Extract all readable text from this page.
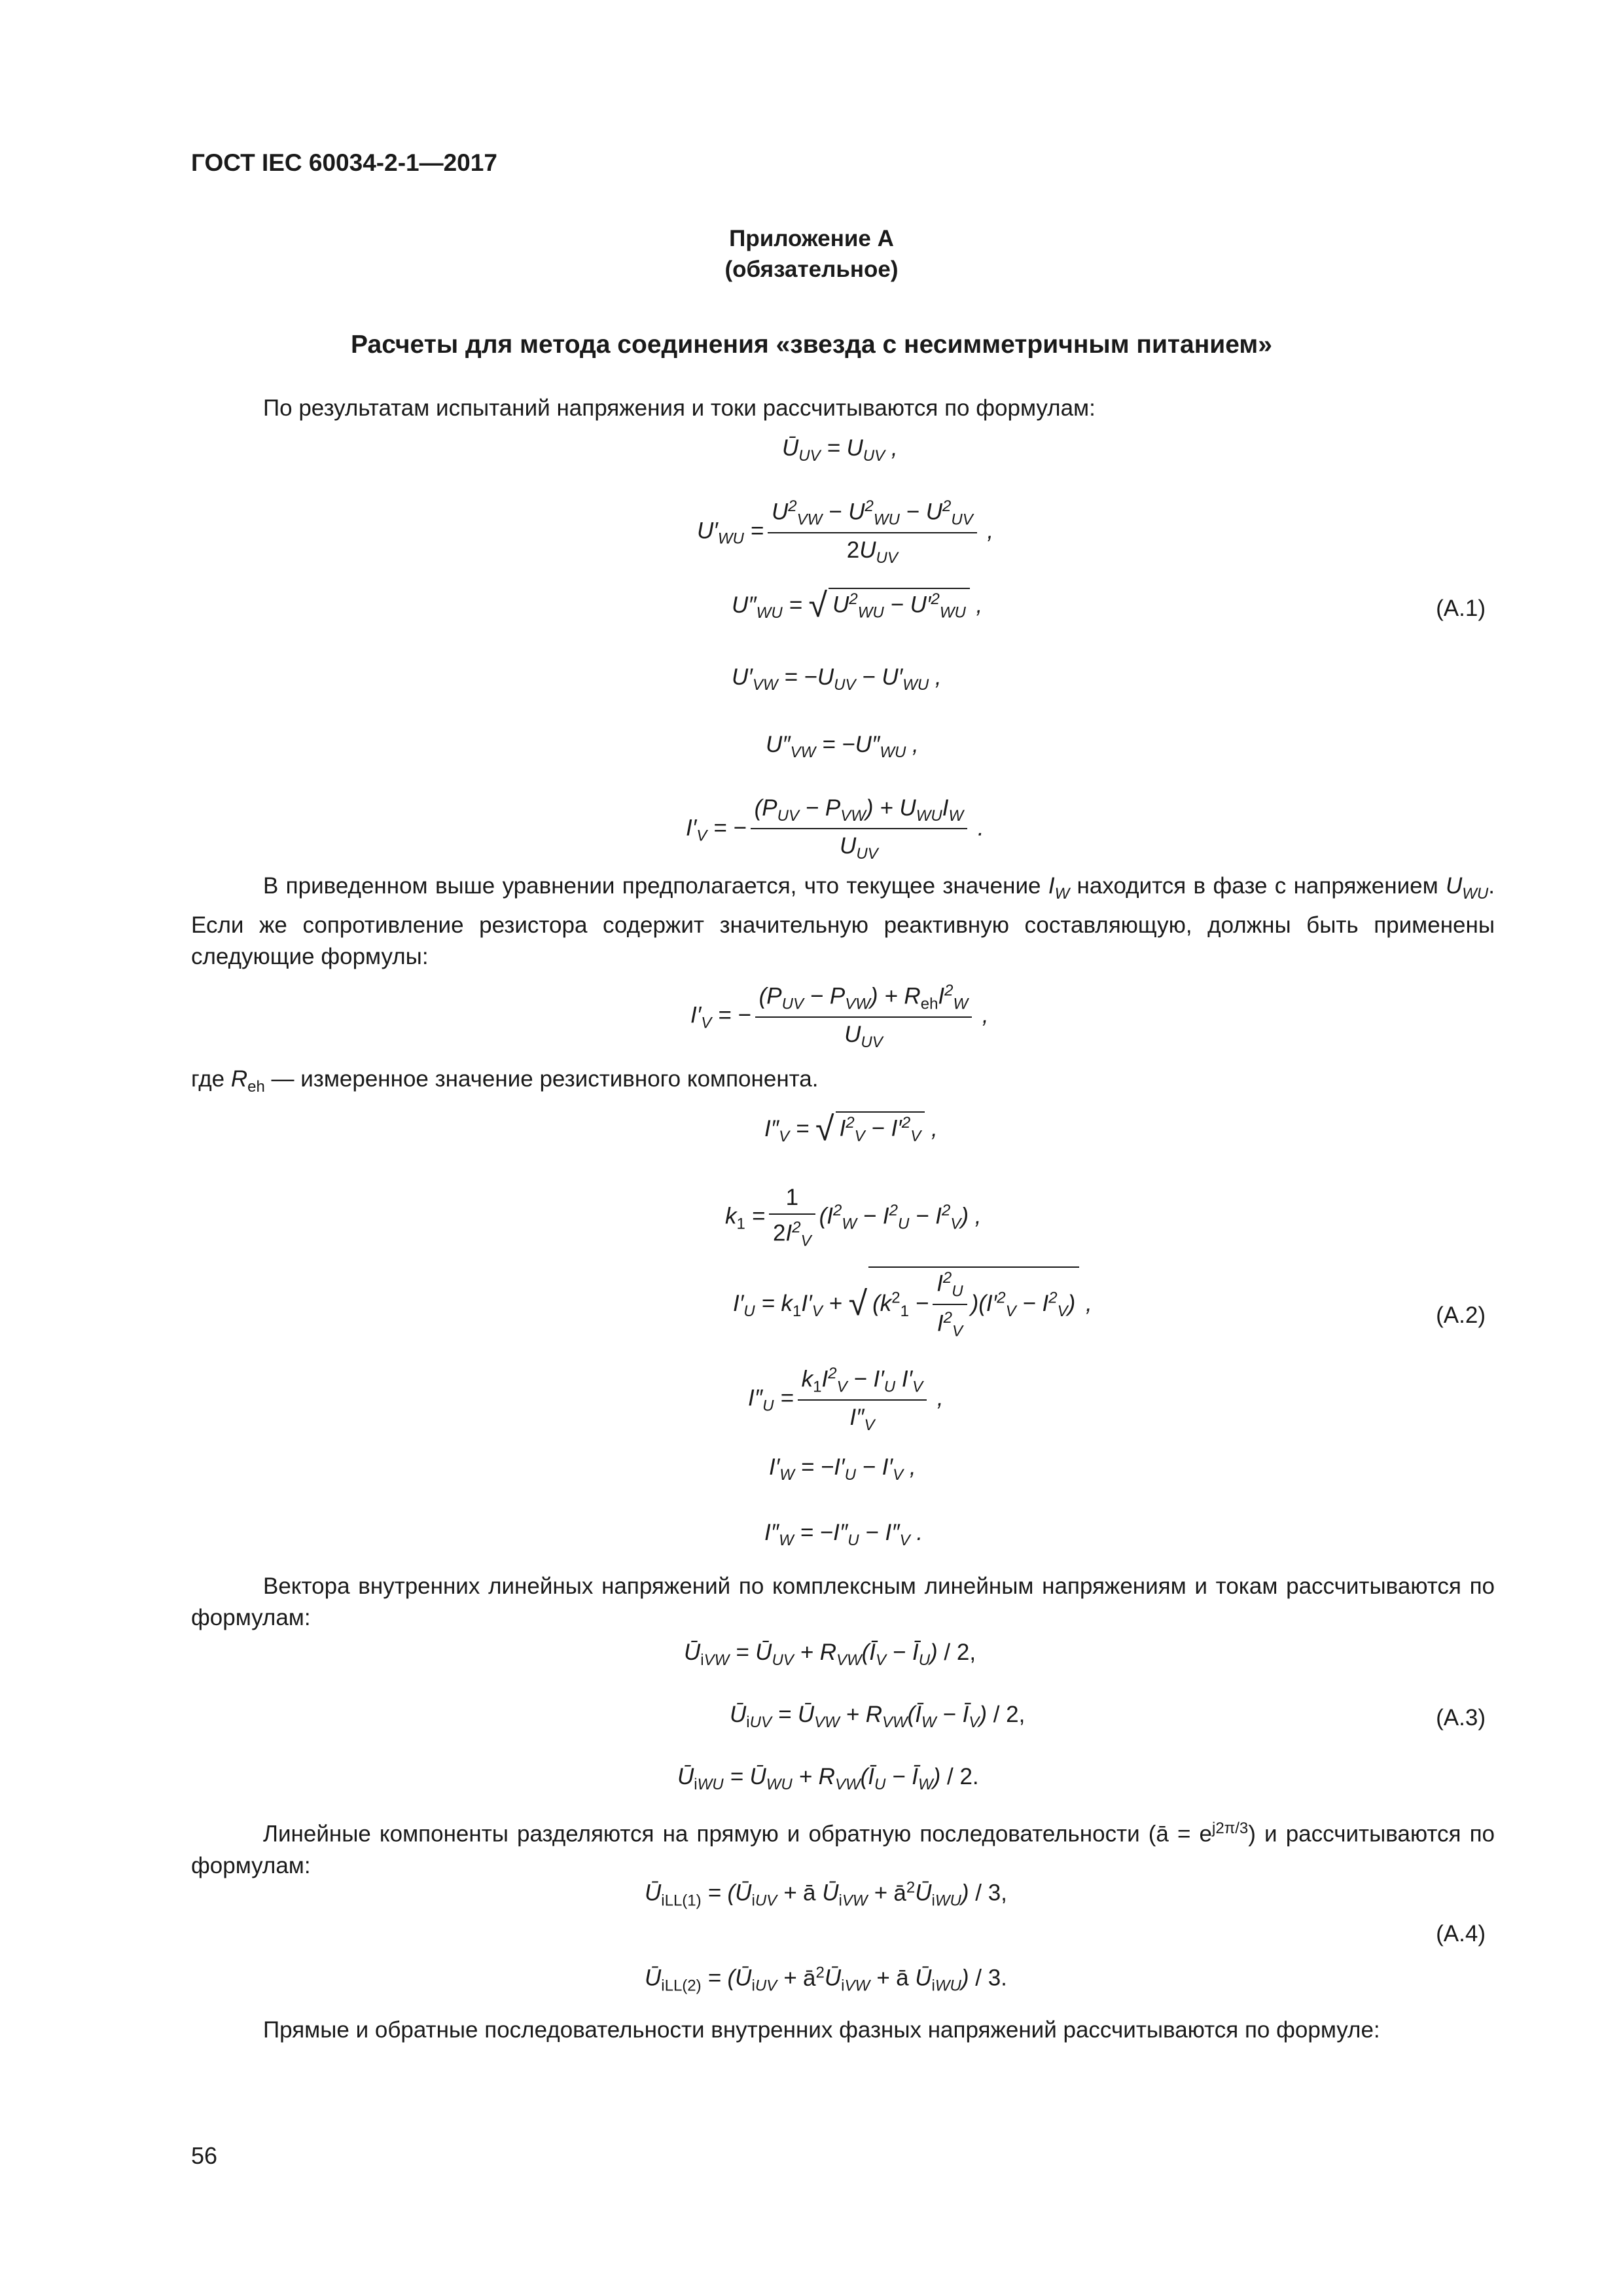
ГОСТ IEC 60034-2-1—2017
Приложение А
(обязательное)
Расчеты для метода соединения «звезда с несимметричным питанием»
По результатам испытаний напряжения и токи рассчитываются по формулам:
$Ū_{UV} = U_{UV}$ ,
$U'_{WU} = \frac{U^2_{VW} - U^2_{WU} - U^2_{UV}}{2U_{UV}}$ ,
$U''_{WU}$ = √ $U^2_{WU} - U'^2_{WU}$ ,	(А.1)
$U'_{VW} = -U_{UV} - U'_{WU}$ ,
$U''_{VW} = -U''_{WU}$ ,
$I'_V$ = − $\frac{(P_{UV} - P_{VW}) + U_{WU}I_W}{U_{UV}}$ .
В приведенном выше уравнении предполагается, что текущее значение $I_W$ находится в фазе с напряжением $U_{WU}$. Если же сопротивление резистора содержит значительную реактивную составляющую, должны быть применены следующие формулы:
$I'_V$ = − $\frac{(P_{UV} - P_{VW}) + R_{eh}I^2_W}{U_{UV}}$ ,
где $R_{eh}$ — измеренное значение резистивного компонента.
$I''_V$ = √ $I^2_V - I'^2_V$ ,
$k_1 = \frac{1}{2I^2_V} (I^2_W - I^2_U - I^2_V)$ ,
$I'_U = k_1I'_V$ + √ $(k^2_1 - \frac{I^2_U}{I^2_V} )(I'^2_V - I^2_V)$ ,	(А.2)
$I''_U = \frac{k_1I^2_V - I'_U I'_V}{I''_V}$ ,
$I'_W = -I'_U - I'_V$ ,
$I''_W = -I''_U - I''_V$ .
Вектора внутренних линейных напряжений по комплексным линейным напряжениям и токам рассчитываются по формулам:
$Ū_{iVW}$ = $Ū_{UV}$ + $R_{VW}(Ī_V$ − $Ī_U) / 2$,
$Ū_{iUV}$ = $Ū_{VW}$ + $R_{VW}(Ī_W$ − $Ī_V) / 2$,	(А.3)
$Ū_{iWU}$ = $Ū_{WU}$ + $R_{VW}(Ī_U$ − $Ī_W) / 2$.
Линейные компоненты разделяются на прямую и обратную последовательности (ā = $e^{j2\pi/3}$) и рассчитываются по формулам:
$Ū_{iLL(1)}$ = ($Ū_{iUV}$ + ā $Ū_{iVW}$ + $ā^2Ū_{iWU}) / 3$,
(А.4)
$Ū_{iLL(2)}$ = ($Ū_{iUV}$ + $ā^2Ū_{iVW}$ + ā $Ū_{iWU}) / 3$.
Прямые и обратные последовательности внутренних фазных напряжений рассчитываются по формуле:
56
